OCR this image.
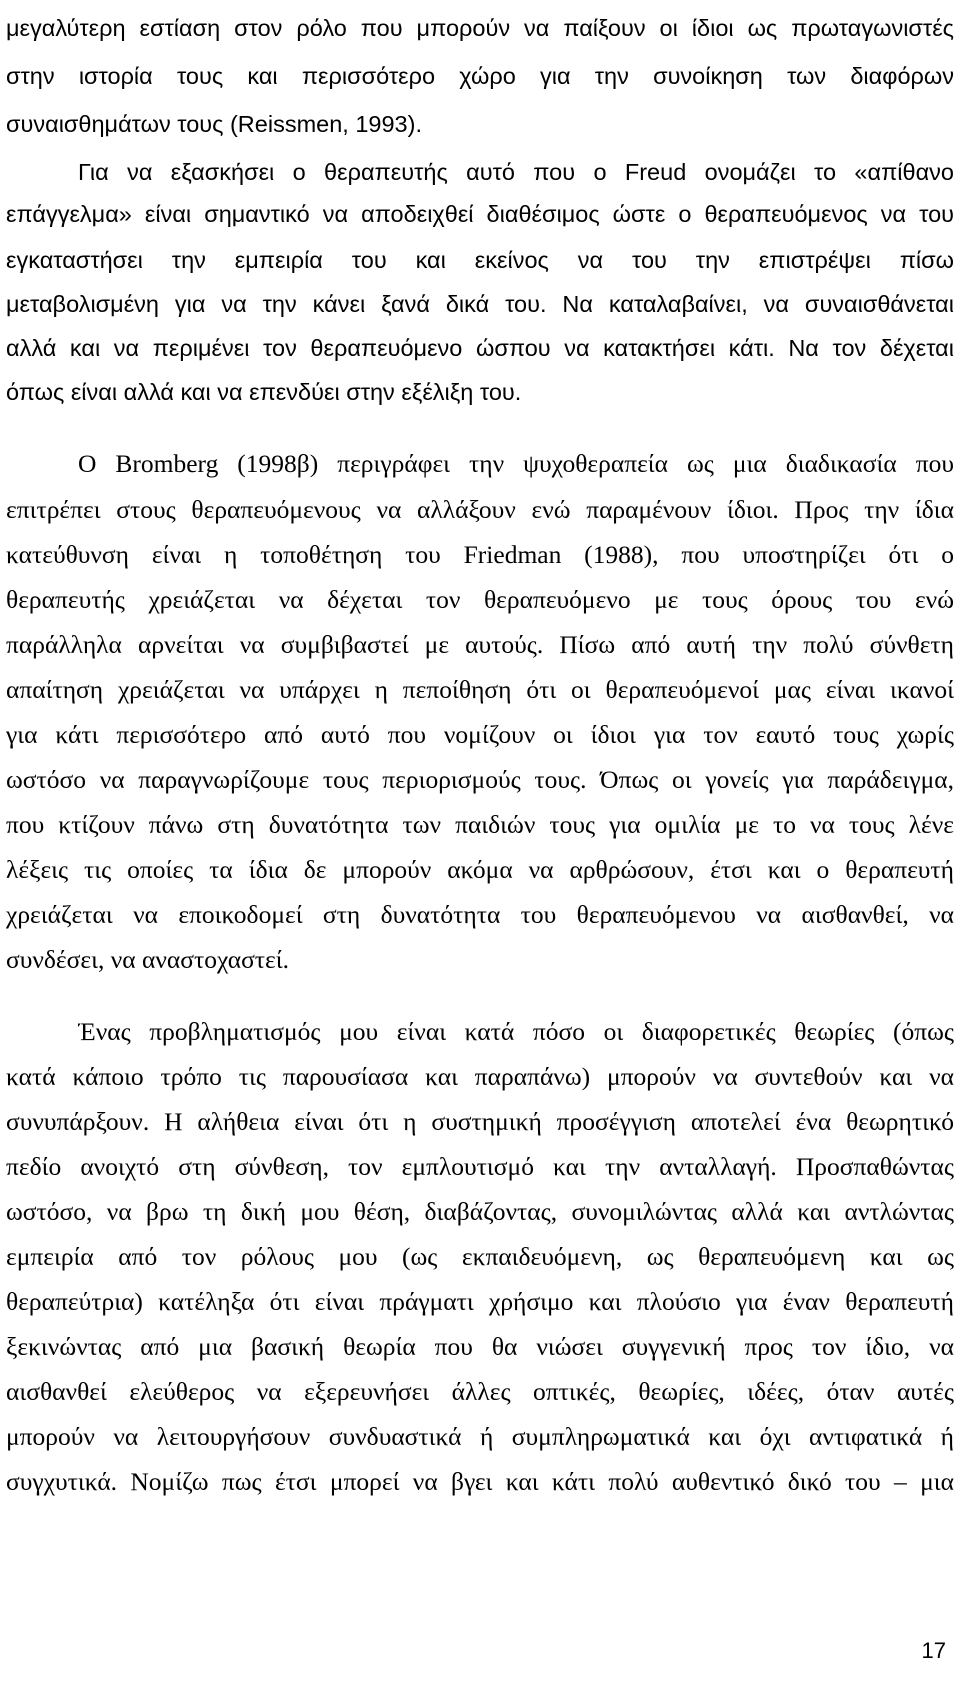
μεγαλύτερη εστίαση στον ρόλο που μπορούν να παίξουν οι ίδιοι ως πρωταγωνιστές
στην ιστορία τους και περισσότερο χώρο για την συνοίκηση των διαφόρων
συναισθημάτων τους (Reissmen, 1993).
Για να εξασκήσει ο θεραπευτής αυτό που ο Freud ονομάζει το «απίθανο
επάγγελμα» είναι σημαντικό να αποδειχθεί διαθέσιμος ώστε ο θεραπευόμενος να του
εγκαταστήσει την εμπειρία του και εκείνος να του την επιστρέψει πίσω
μεταβολισμένη για να την κάνει ξανά δικά του. Να καταλαβαίνει, να συναισθάνεται
αλλά και να περιμένει τον θεραπευόμενο ώσπου να κατακτήσει κάτι. Να τον δέχεται
όπως είναι αλλά και να επενδύει στην εξέλιξη του.
Ο Bromberg (1998β) περιγράφει την ψυχοθεραπεία ως μια διαδικασία που
επιτρέπει στους θεραπευόμενους να αλλάξουν ενώ παραμένουν ίδιοι. Προς την ίδια
κατεύθυνση είναι η τοποθέτηση του Friedman (1988), που υποστηρίζει ότι ο
θεραπευτής χρειάζεται να δέχεται τον θεραπευόμενο με τους όρους του ενώ
παράλληλα αρνείται να συμβιβαστεί με αυτούς. Πίσω από αυτή την πολύ σύνθετη
απαίτηση χρειάζεται να υπάρχει η πεποίθηση ότι οι θεραπευόμενοί μας είναι ικανοί
για κάτι περισσότερο από αυτό που νομίζουν οι ίδιοι για τον εαυτό τους χωρίς
ωστόσο να παραγνωρίζουμε τους περιορισμούς τους. Όπως οι γονείς για παράδειγμα,
που κτίζουν πάνω στη δυνατότητα των παιδιών τους για ομιλία με το να τους λένε
λέξεις τις οποίες τα ίδια δε μπορούν ακόμα να αρθρώσουν, έτσι και ο θεραπευτή
χρειάζεται να εποικοδομεί στη δυνατότητα του θεραπευόμενου να αισθανθεί, να
συνδέσει, να αναστοχαστεί.
Ένας προβληματισμός μου είναι κατά πόσο οι διαφορετικές θεωρίες (όπως
κατά κάποιο τρόπο τις παρουσίασα και παραπάνω) μπορούν να συντεθούν και να
συνυπάρξουν. Η αλήθεια είναι ότι η συστημική προσέγγιση αποτελεί ένα θεωρητικό
πεδίο ανοιχτό στη σύνθεση, τον εμπλουτισμό και την ανταλλαγή. Προσπαθώντας
ωστόσο, να βρω τη δική μου θέση, διαβάζοντας, συνομιλώντας αλλά και αντλώντας
εμπειρία από τον ρόλους μου (ως εκπαιδευόμενη, ως θεραπευόμενη και ως
θεραπεύτρια) κατέληξα ότι είναι πράγματι χρήσιμο και πλούσιο για έναν θεραπευτή
ξεκινώντας από μια βασική θεωρία που θα νιώσει συγγενική προς τον ίδιο, να
αισθανθεί ελεύθερος να εξερευνήσει άλλες οπτικές, θεωρίες, ιδέες, όταν αυτές
μπορούν να λειτουργήσουν συνδυαστικά ή συμπληρωματικά και όχι αντιφατικά ή
συγχυτικά. Νομίζω πως έτσι μπορεί να βγει και κάτι πολύ αυθεντικό δικό του – μια
17
